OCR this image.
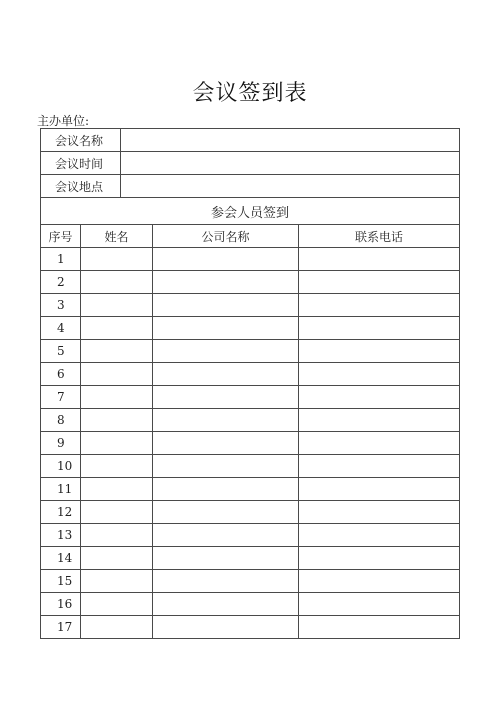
会议签到表
主办单位:
会议名称				
会议时间				
会议地点				
参会人员签到				
序号	姓名		公司名称	联系电话
1				
2				
3				
4				
5				
6				
7				
8				
9				
10				
11				
12				
13				
14				
15				
16				
17				
